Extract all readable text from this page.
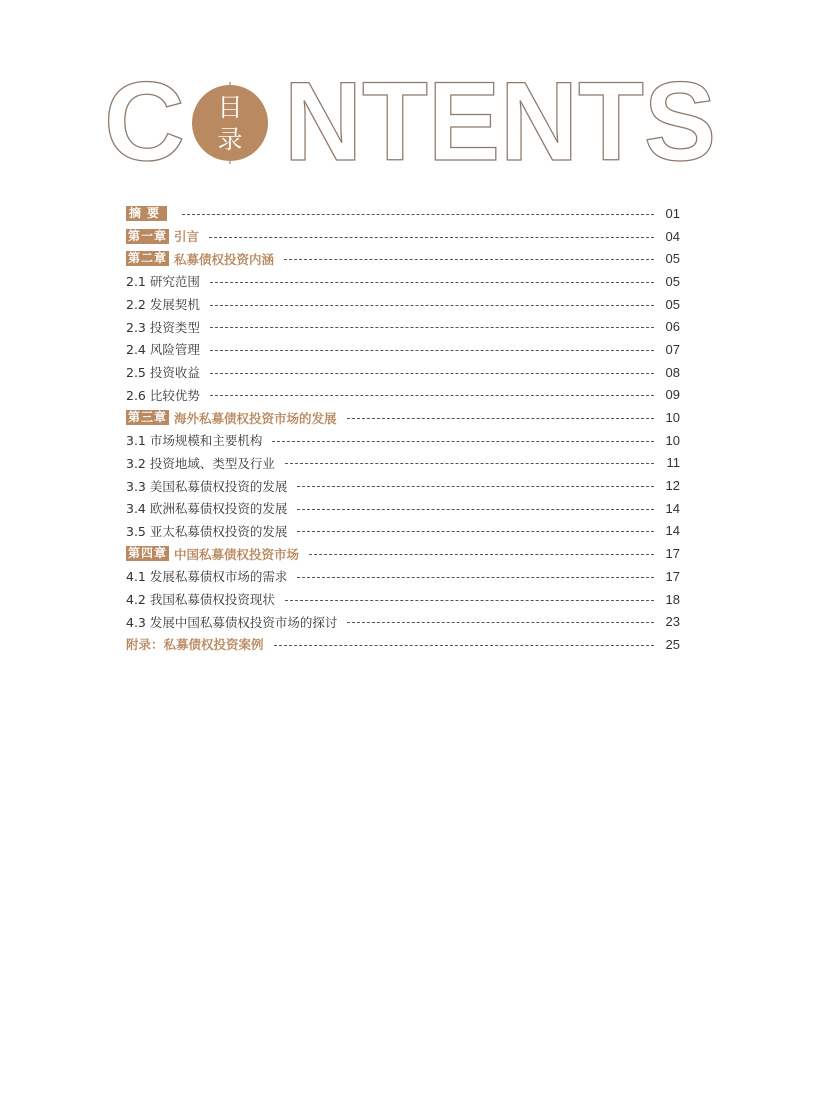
C NTENTS
目
录
摘要	01
第一章 引言	04
第二章 私募债权投资内涵	05
2.1 研究范围	05
2.2 发展契机	05
2.3 投资类型	06
2.4 风险管理	07
2.5 投资收益	08
2.6 比较优势	09
第三章 海外私募债权投资市场的发展	10
3.1 市场规模和主要机构	10
3.2 投资地域、类型及行业	11
3.3 美国私募债权投资的发展	12
3.4 欧洲私募债权投资的发展	14
3.5 亚太私募债权投资的发展	14
第四章 中国私募债权投资市场	17
4.1 发展私募债权市场的需求	17
4.2 我国私募债权投资现状	18
4.3 发展中国私募债权投资市场的探讨	23
附录：私募债权投资案例	25
